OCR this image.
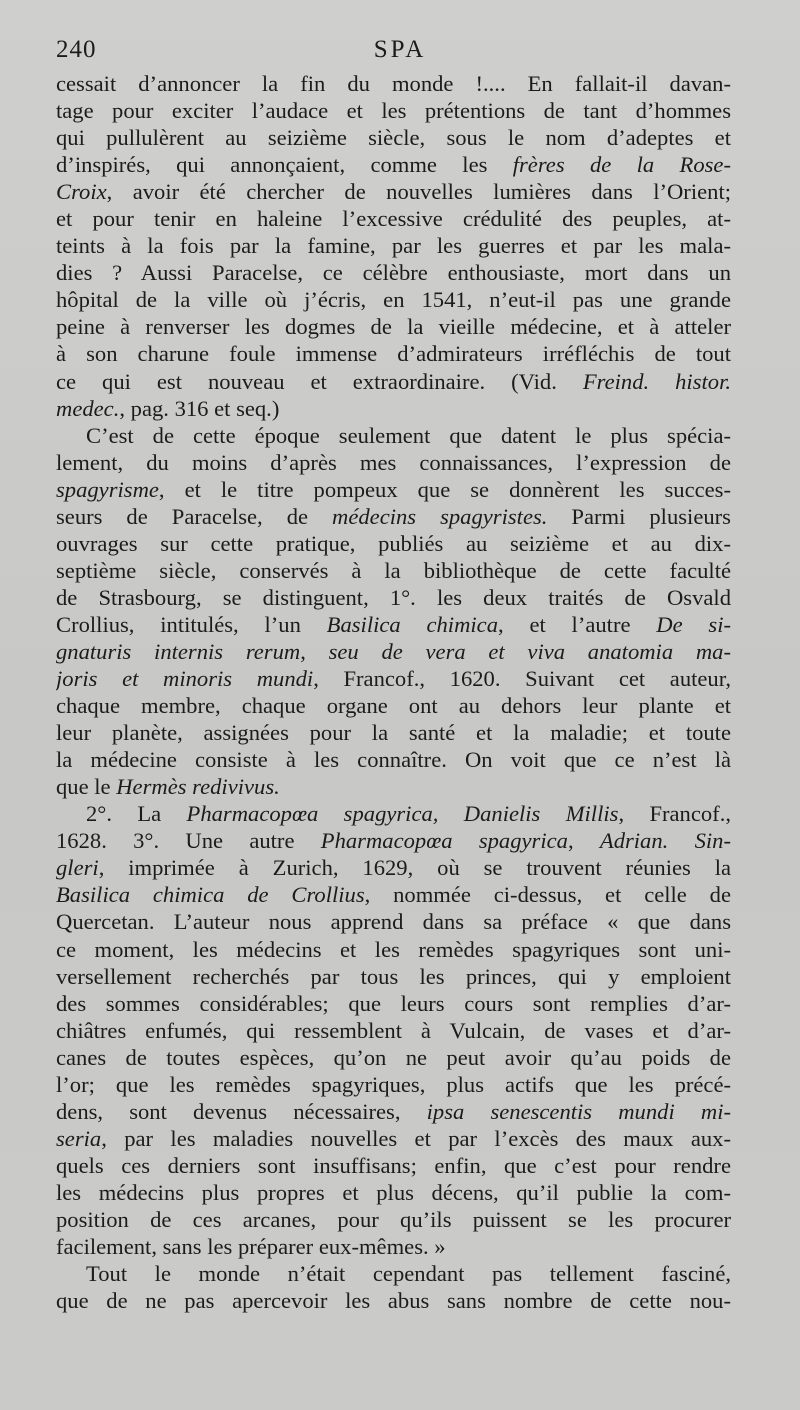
240	SPA
cessait d’annoncer la fin du monde !.... En fallait-il davan-
tage pour exciter l’audace et les prétentions de tant d’hommes
qui pullulèrent au seizième siècle, sous le nom d’adeptes et
d’inspirés, qui annonçaient, comme les frères de la Rose-
Croix, avoir été chercher de nouvelles lumières dans l’Orient;
et pour tenir en haleine l’excessive crédulité des peuples, at-
teints à la fois par la famine, par les guerres et par les mala-
dies ? Aussi Paracelse, ce célèbre enthousiaste, mort dans un
hôpital de la ville où j’écris, en 1541, n’eut-il pas une grande
peine à renverser les dogmes de la vieille médecine, et à atteler
à son charune foule immense d’admirateurs irréfléchis de tout
ce qui est nouveau et extraordinaire. (Vid. Freind. histor.
medec., pag. 316 et seq.)
C’est de cette époque seulement que datent le plus spécia-
lement, du moins d’après mes connaissances, l’expression de
spagyrisme, et le titre pompeux que se donnèrent les succes-
seurs de Paracelse, de médecins spagyristes. Parmi plusieurs
ouvrages sur cette pratique, publiés au seizième et au dix-
septième siècle, conservés à la bibliothèque de cette faculté
de Strasbourg, se distinguent, 1°. les deux traités de Osvald
Crollius, intitulés, l’un Basilica chimica, et l’autre De si-
gnaturis internis rerum, seu de vera et viva anatomia ma-
joris et minoris mundi, Francof., 1620. Suivant cet auteur,
chaque membre, chaque organe ont au dehors leur plante et
leur planète, assignées pour la santé et la maladie; et toute
la médecine consiste à les connaître. On voit que ce n’est là
que le Hermès redivivus.
2°. La Pharmacopœa spagyrica, Danielis Millis, Francof.,
1628. 3°. Une autre Pharmacopœa spagyrica, Adrian. Sin-
gleri, imprimée à Zurich, 1629, où se trouvent réunies la
Basilica chimica de Crollius, nommée ci-dessus, et celle de
Quercetan. L’auteur nous apprend dans sa préface « que dans
ce moment, les médecins et les remèdes spagyriques sont uni-
versellement recherchés par tous les princes, qui y emploient
des sommes considérables; que leurs cours sont remplies d’ar-
chiâtres enfumés, qui ressemblent à Vulcain, de vases et d’ar-
canes de toutes espèces, qu’on ne peut avoir qu’au poids de
l’or; que les remèdes spagyriques, plus actifs que les précé-
dens, sont devenus nécessaires, ipsa senescentis mundi mi-
seria, par les maladies nouvelles et par l’excès des maux aux-
quels ces derniers sont insuffisans; enfin, que c’est pour rendre
les médecins plus propres et plus décens, qu’il publie la com-
position de ces arcanes, pour qu’ils puissent se les procurer
facilement, sans les préparer eux-mêmes. »
Tout le monde n’était cependant pas tellement fasciné,
que de ne pas apercevoir les abus sans nombre de cette nou-
